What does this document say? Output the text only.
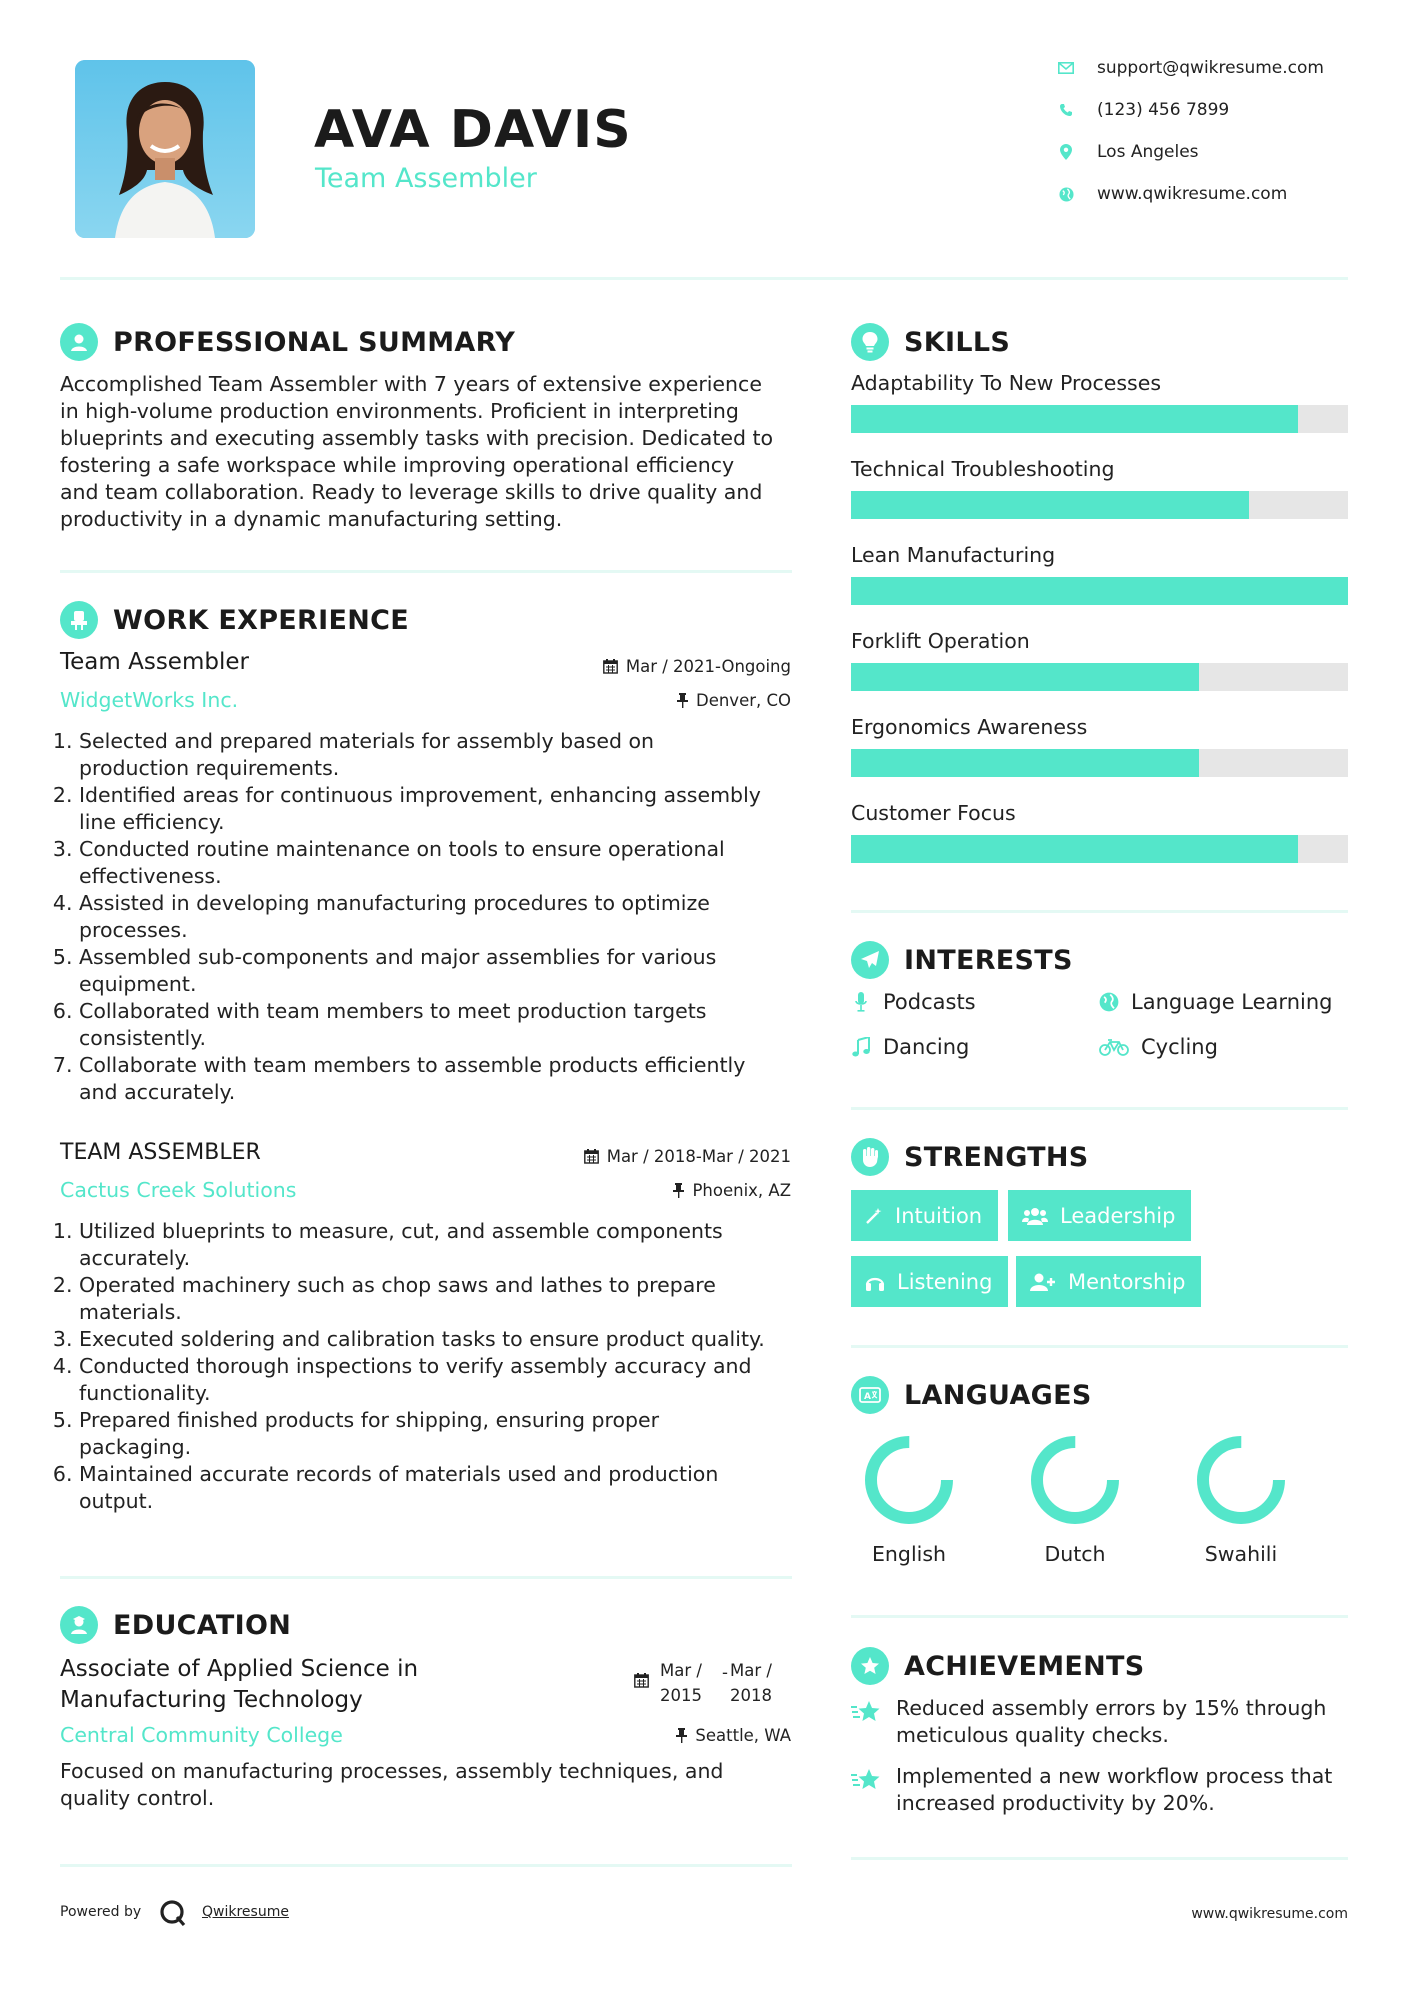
AVA DAVIS
Team Assembler
support@qwikresume.com
(123) 456 7899
Los Angeles
www.qwikresume.com
PROFESSIONAL SUMMARY
Accomplished Team Assembler with 7 years of extensive experience
in high-volume production environments. Proficient in interpreting
blueprints and executing assembly tasks with precision. Dedicated to
fostering a safe workspace while improving operational efficiency
and team collaboration. Ready to leverage skills to drive quality and
productivity in a dynamic manufacturing setting.
WORK EXPERIENCE
Team Assembler	Mar / 2021-Ongoing
WidgetWorks Inc.	Denver, CO
1. Selected and prepared materials for assembly based on
production requirements.
2. Identified areas for continuous improvement, enhancing assembly
line efficiency.
3. Conducted routine maintenance on tools to ensure operational
effectiveness.
4. Assisted in developing manufacturing procedures to optimize
processes.
5. Assembled sub-components and major assemblies for various
equipment.
6. Collaborated with team members to meet production targets
consistently.
7. Collaborate with team members to assemble products efficiently
and accurately.
TEAM ASSEMBLER	Mar / 2018-Mar / 2021
Cactus Creek Solutions	Phoenix, AZ
1. Utilized blueprints to measure, cut, and assemble components
accurately.
2. Operated machinery such as chop saws and lathes to prepare
materials.
3. Executed soldering and calibration tasks to ensure product quality.
4. Conducted thorough inspections to verify assembly accuracy and
functionality.
5. Prepared finished products for shipping, ensuring proper
packaging.
6. Maintained accurate records of materials used and production
output.
EDUCATION
Associate of Applied Science in
Manufacturing Technology
Mar /
2015
- Mar /
2018
Central Community College	Seattle, WA
Focused on manufacturing processes, assembly techniques, and
quality control.
SKILLS
Adaptability To New Processes
Technical Troubleshooting
Lean Manufacturing
Forklift Operation
Ergonomics Awareness
Customer Focus
INTERESTS
Podcasts	Language Learning
Dancing	Cycling
STRENGTHS
Intuition	Leadership
Listening	Mentorship
A LANGUAGES
English	Dutch	Swahili
ACHIEVEMENTS
Reduced assembly errors by 15% through
meticulous quality checks.
Implemented a new workflow process that
increased productivity by 20%.
Powered by	Qwikresume	www.qwikresume.com
